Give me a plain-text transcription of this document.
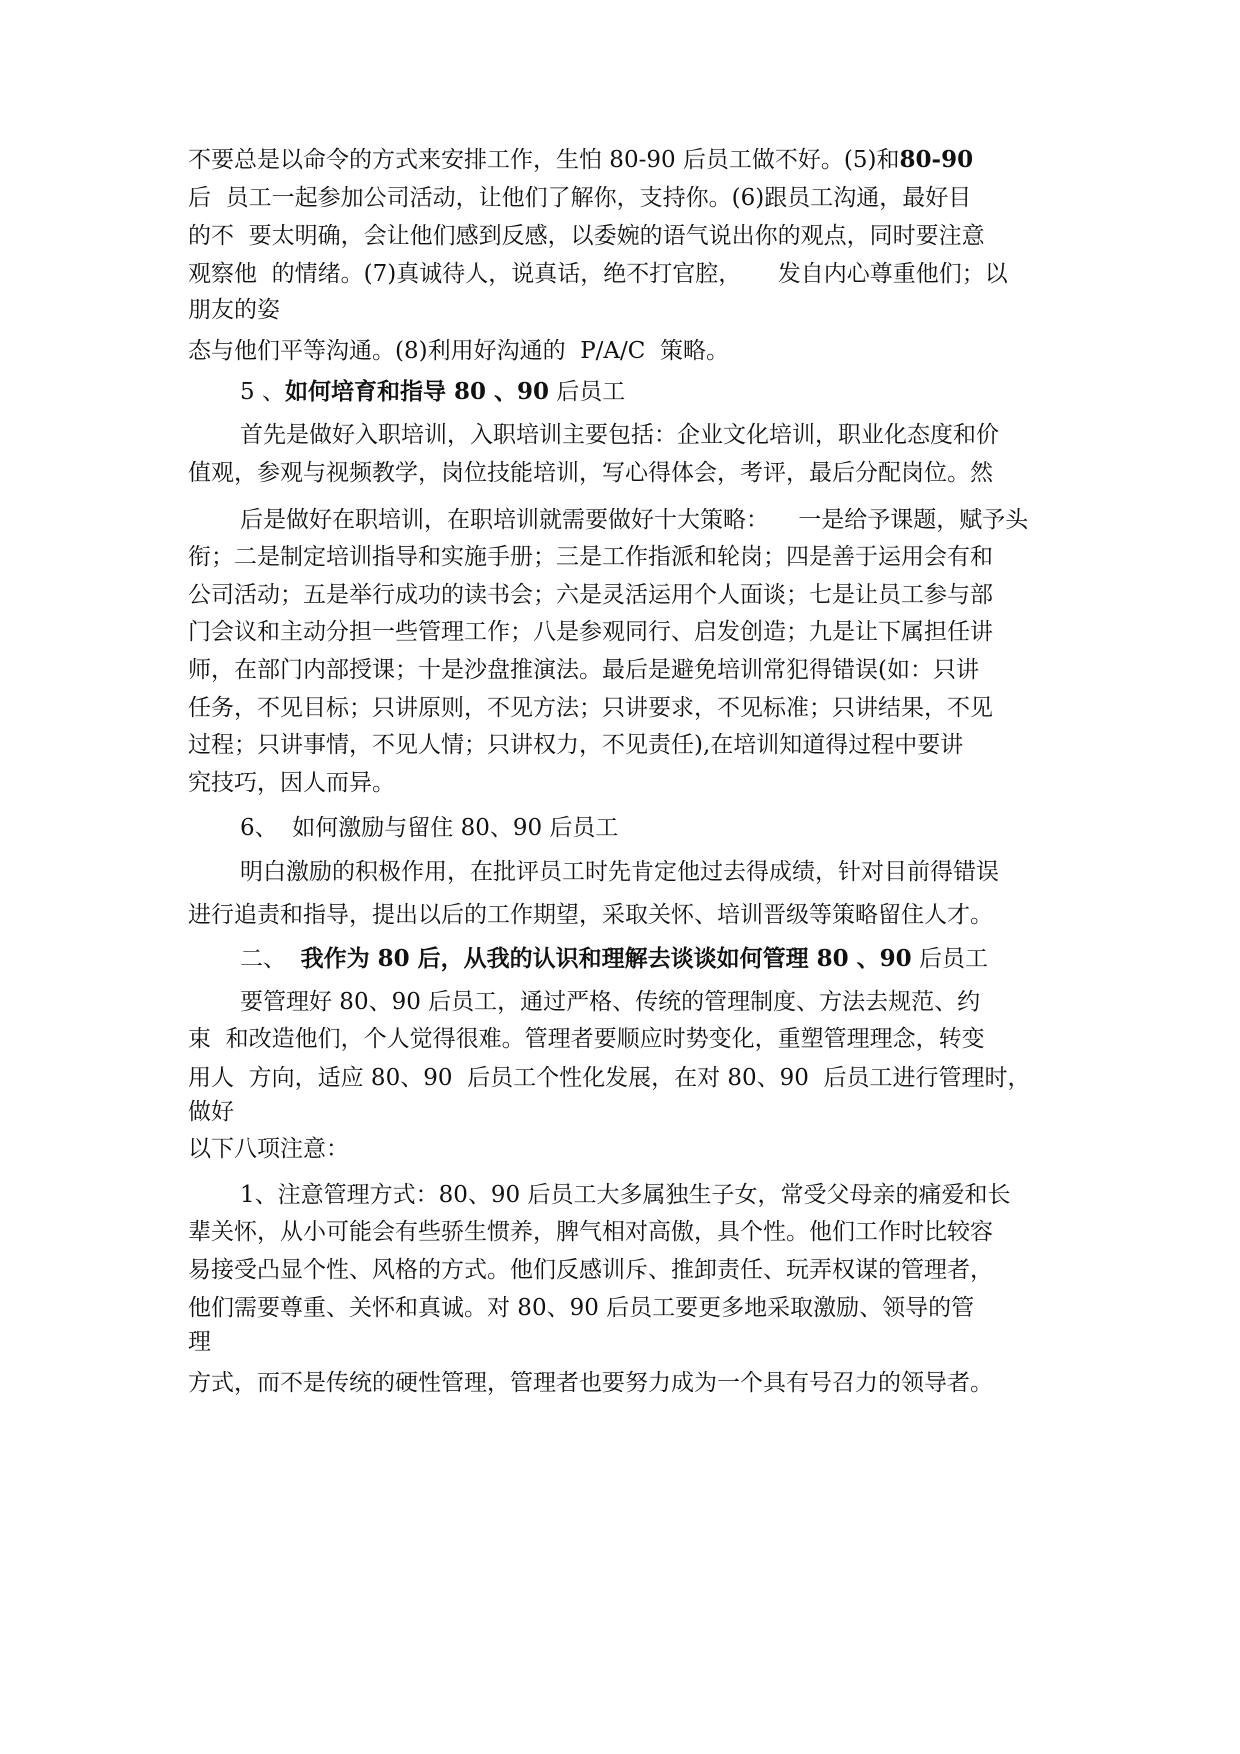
不要总是以命令的方式来安排工作，生怕 80-90 后员工做不好。(5)和80-90
后  员工一起参加公司活动，让他们了解你，支持你。(6)跟员工沟通，最好目
的不  要太明确，会让他们感到反感，以委婉的语气说出你的观点，同时要注意
观察他  的情绪。(7)真诚待人，说真话，绝不打官腔，     发自内心尊重他们；以
朋友的姿
态与他们平等沟通。(8)利用好沟通的  P/A/C  策略。
5 、如何培育和指导 80 、90 后员工
首先是做好入职培训，入职培训主要包括：企业文化培训，职业化态度和价
值观，参观与视频教学，岗位技能培训，写心得体会，考评，最后分配岗位。然
后是做好在职培训，在职培训就需要做好十大策略：    一是给予课题，赋予头
衔；二是制定培训指导和实施手册；三是工作指派和轮岗；四是善于运用会有和
公司活动；五是举行成功的读书会；六是灵活运用个人面谈；七是让员工参与部
门会议和主动分担一些管理工作；八是参观同行、启发创造；九是让下属担任讲
师，在部门内部授课；十是沙盘推演法。最后是避免培训常犯得错误(如：只讲
任务，不见目标；只讲原则，不见方法；只讲要求，不见标准；只讲结果，不见
过程；只讲事情，不见人情；只讲权力，不见责任),在培训知道得过程中要讲
究技巧，因人而异。
6、  如何激励与留住 80、90 后员工
明白激励的积极作用，在批评员工时先肯定他过去得成绩，针对目前得错误
进行追责和指导，提出以后的工作期望，采取关怀、培训晋级等策略留住人才。
二、 我作为 80 后，从我的认识和理解去谈谈如何管理 80 、90 后员工
要管理好 80、90 后员工，通过严格、传统的管理制度、方法去规范、约
束  和改造他们，个人觉得很难。管理者要顺应时势变化，重塑管理理念，转变
用人  方向，适应 80、90  后员工个性化发展，在对 80、90  后员工进行管理时，
做好
以下八项注意：
1、注意管理方式：80、90 后员工大多属独生子女，常受父母亲的痛爱和长
辈关怀，从小可能会有些骄生惯养，脾气相对高傲，具个性。他们工作时比较容
易接受凸显个性、风格的方式。他们反感训斥、推卸责任、玩弄权谋的管理者，
他们需要尊重、关怀和真诚。对 80、90 后员工要更多地采取激励、领导的管
理
方式，而不是传统的硬性管理，管理者也要努力成为一个具有号召力的领导者。
